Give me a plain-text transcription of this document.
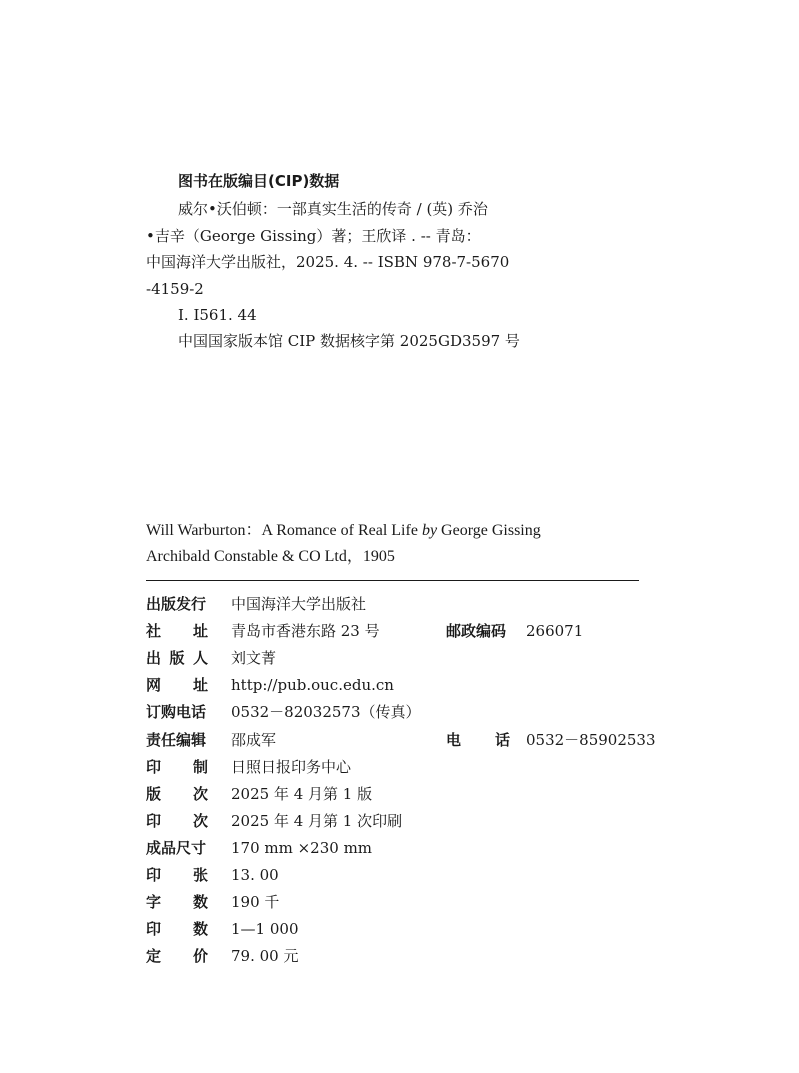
图书在版编目(CIP)数据
威尔•沃伯顿：一部真实生活的传奇 / (英) 乔治
•吉辛（George Gissing）著；王欣译 . -- 青岛：
中国海洋大学出版社，2025. 4. -- ISBN 978-7-5670
-4159-2
Ⅰ. I561. 44
中国国家版本馆 CIP 数据核字第 2025GD3597 号
Will Warburton：A Romance of Real Life by George Gissing
Archibald Constable & CO Ltd，1905
出版发行 中国海洋大学出版社
社 址 青岛市香港东路 23 号	邮政编码 266071
出 版 人 刘文菁
网 址 http://pub.ouc.edu.cn
订购电话 0532－82032573（传真）
责任编辑 邵成军	电 话 0532－85902533
印 制 日照日报印务中心
版 次 2025 年 4 月第 1 版
印 次 2025 年 4 月第 1 次印刷
成品尺寸 170 mm ×230 mm
印 张 13. 00
字 数 190 千
印 数 1—1 000
定 价 79. 00 元
